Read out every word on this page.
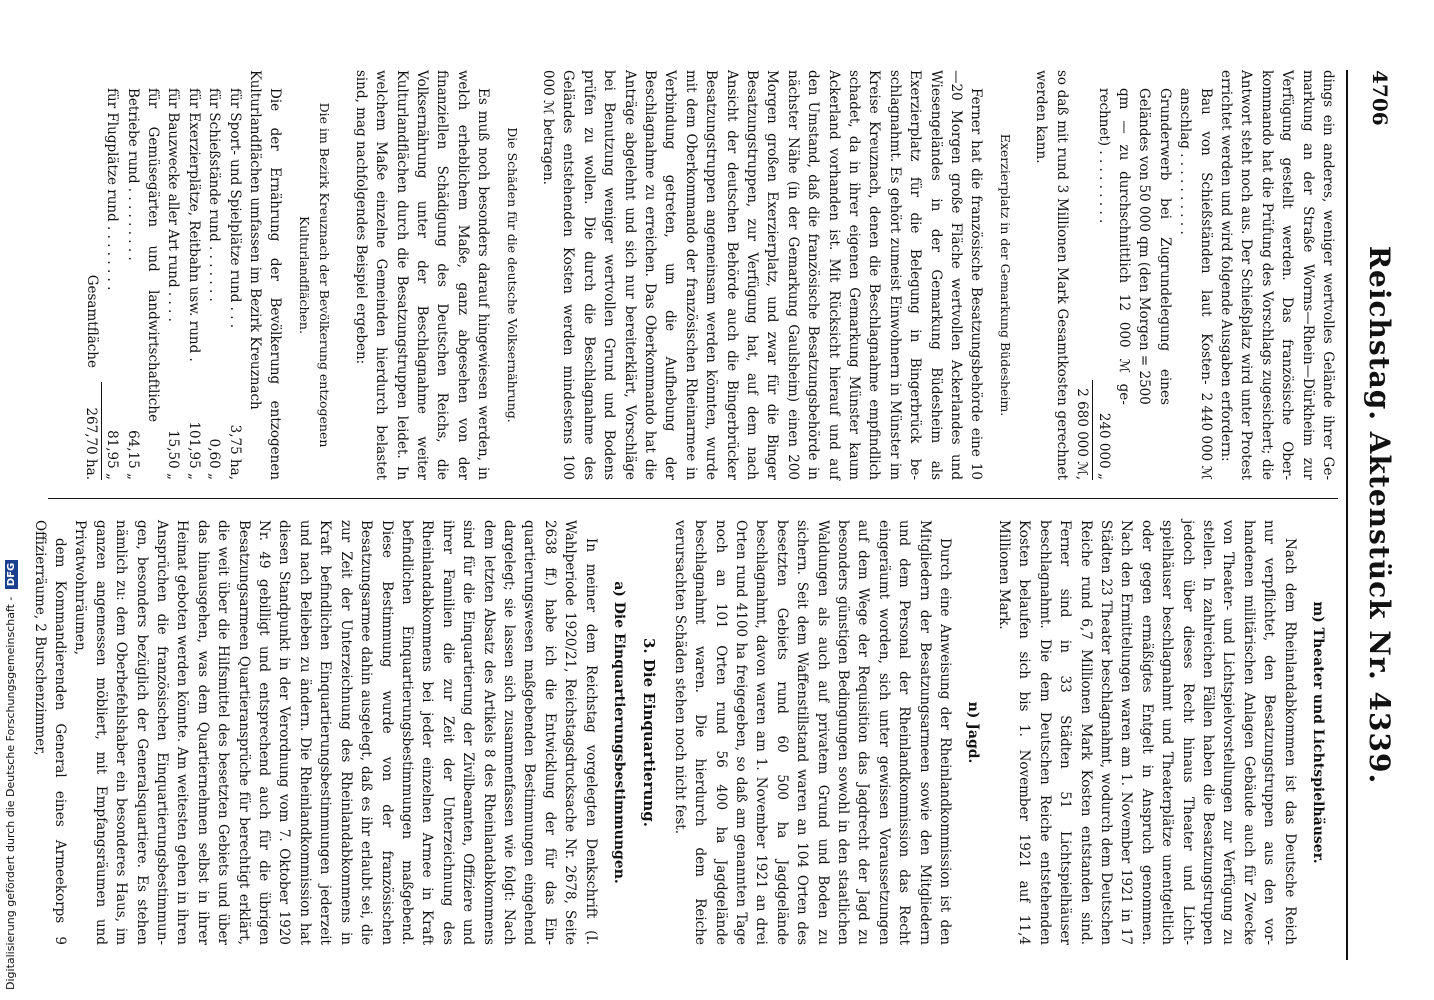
4706
Reichstag. Aktenstück Nr. 4339.

dings ein anderes, weniger wertvolles Gelände ihrer Gemarkung an der Straße Worms—Rhein—Dürkheim zur Verfügung gestellt werden. Das französische Oberkommando hat die Prüfung des Vorschlags zugesichert; die Antwort steht noch aus. Der Schießplatz wird unter Protest errichtet werden und wird folgende Ausgaben erfordern:

Bau von Schießständen laut Kostenanschlag . . . . . . . . . .
2 440 000 ℳ
Grunderwerb bei Zugrundelegung eines Geländes von 50 000 qm (den Morgen = 2500 qm — zu durchschnittlich 12 000 ℳ gerechnet) . . . . . . . . .
240 000 „
2 680 000 ℳ,

so daß mit rund 3 Millionen Mark Gesamtkosten gerechnet werden kann.

Exerzierplatz in der Gemarkung Büdesheim.

Ferner hat die französische Besatzungsbehörde eine 10—20 Morgen große Fläche wertvollen Ackerlandes und Wiesengeländes in der Gemarkung Büdesheim als Exerzierplatz für die Belegung in Bingerbrück beschlagnahmt. Es gehört zumeist Einwohnern in Münster im Kreise Kreuznach, denen die Beschlagnahme empfindlich schadet, da in ihrer eigenen Gemarkung Münster kaum Ackerland vorhanden ist. Mit Rücksicht hierauf und auf den Umstand, daß die französische Besatzungsbehörde in nächster Nähe (in der Gemarkung Gaulsheim) einen 200 Morgen großen Exerzierplatz, und zwar für die Binger Besatzungstruppen, zur Verfügung hat, auf dem nach Ansicht der deutschen Behörde auch die Bingerbrücker Besatzungstruppen angemeinsam werden könnten, wurde mit dem Oberkommando der französischen Rheinarmee in Verbindung getreten, um die Aufhebung der Beschlagnahme zu erreichen. Das Oberkommando hat die Anträge abgelehnt und sich nur bereiterklärt, Vorschläge bei Benutzung weniger wertvollen Grund und Bodens prüfen zu wollen. Die durch die Beschlagnahme des Geländes entstehenden Kosten werden mindestens 100 000 ℳ betragen.

Die Schäden für die deutsche Volksernährung.

Es muß noch besonders darauf hingewiesen werden, in welch erheblichem Maße, ganz abgesehen von der finanziellen Schädigung des Deutschen Reichs, die Volksernährung unter der Beschlagnahme weiter Kulturlandflächen durch die Besatzungstruppen leidet. In welchem Maße einzelne Gemeinden hierdurch belastet sind, mag nachfolgendes Beispiel ergeben:

Die im Bezirk Kreuznach der Bevölkerung entzogenen Kulturlandflächen.

Die der Ernährung der Bevölkerung entzogenen Kulturlandflächen umfassen im Bezirk Kreuznach

für Sport- und Spielplätze rund . . .
3,75 ha,
für Schießstände rund . . . . . . .
0,60 „
für Exerzierplätze, Reitbahn usw. rund .
101,95 „
für Bauzwecke aller Art rund . . . .
15,50 „
für Gemüsegärten und landwirtschaftliche Betriebe rund . . . . . . . . .
64,15 „
für Flugplätze rund . . . . . . . .
81,95 „
Gesamtfläche
267,70 ha.
m) Theater und Lichtspielhäuser.

Nach dem Rheinlandabkommen ist das Deutsche Reich nur verpflichtet, den Besatzungstruppen aus den vorhandenen militärischen Anlagen Gebäude auch für Zwecke von Theater- und Lichtspielvorstellungen zur Verfügung zu stellen. In zahlreichen Fällen haben die Besatzungstruppen jedoch über dieses Recht hinaus Theater und Lichtspielhäuser beschlagnahmt und Theaterplätze unentgeltlich oder gegen ermäßigtes Entgelt in Anspruch genommen. Nach den Ermittelungen waren am 1. November 1921 in 17 Städten 23 Theater beschlagnahmt, wodurch dem Deutschen Reiche rund 6,7 Millionen Mark Kosten entstanden sind. Ferner sind in 33 Städten 51 Lichtspielhäuser beschlagnahmt. Die dem Deutschen Reiche entstehenden Kosten belaufen sich bis 1. November 1921 auf 11,4 Millionen Mark.

n) Jagd.

Durch eine Anweisung der Rheinlandkommission ist den Mitgliedern der Besatzungsarmeen sowie den Mitgliedern und dem Personal der Rheinlandkommission das Recht eingeräumt worden, sich unter gewissen Voraussetzungen auf dem Wege der Requisition das Jagdrecht der Jagd zu besonders günstigen Bedingungen sowohl in den staatlichen Waldungen als auch auf privatem Grund und Boden zu sichern. Seit dem Waffenstillstand waren an 104 Orten des besetzten Gebiets rund 60 500 ha Jagdgelände beschlagnahmt, davon waren am 1. November 1921 an drei Orten rund 4100 ha freigegeben, so daß am genannten Tage noch an 101 Orten rund 56 400 ha Jagdgelände beschlagnahmt waren. Die hierdurch dem Reiche verursachten Schäden stehen noch nicht fest.

3. Die Einquartierung.
a) Die Einquartierungsbestimmungen.

In meiner dem Reichstag vorgelegten Denkschrift (I. Wahlperiode 1920/21, Reichstagsdrucksache Nr. 2678, Seite 2638 ff.) habe ich die Entwicklung der für das Einquartierungswesen maßgebenden Bestimmungen eingehend dargelegt; sie lassen sich zusammenfassen wie folgt: Nach dem letzten Absatz des Artikels 8 des Rheinlandabkommens sind für die Einquartierung der Zivilbeamten, Offiziere und ihrer Familien die zur Zeit der Unterzeichnung des Rheinlandabkommens bei jeder einzelnen Armee in Kraft befindlichen Einquartierungsbestimmungen maßgebend. Diese Bestimmung wurde von der französischen Besatzungsarmee dahin ausgelegt, daß es ihr erlaubt sei, die zur Zeit der Unterzeichnung des Rheinlandabkommens in Kraft befindlichen Einquartierungsbestimmungen jederzeit und nach Belieben zu ändern. Die Rheinlandkommission hat diesen Standpunkt in der Verordnung vom 7. Oktober 1920 Nr. 49 gebilligt und entsprechend auch für die übrigen Besatzungsarmeen Quartieransprüche für berechtigt erklärt, die weit über die Hilfsmittel des besetzten Gebiets und über das hinausgehen, was dem Quartiernehmen selbst in ihrer Heimat geboten werden könnte. Am weitesten gehen in ihren Ansprüchen die französischen Einquartierungsbestimmungen, besonders bezüglich der Generalsquartiere. Es stehen nämlich zu: dem Oberbefehlshaber ein besonderes Haus, im ganzen angemessen möbliert, mit Empfangsräumen und Privatwohnräumen,

dem Kommandierenden General eines Armeekorps 9 Offizierräume, 2 Burschenzimmer,

Digitalisierung gefördert durch die Deutsche Forschungsgemeinschaft - DFG
